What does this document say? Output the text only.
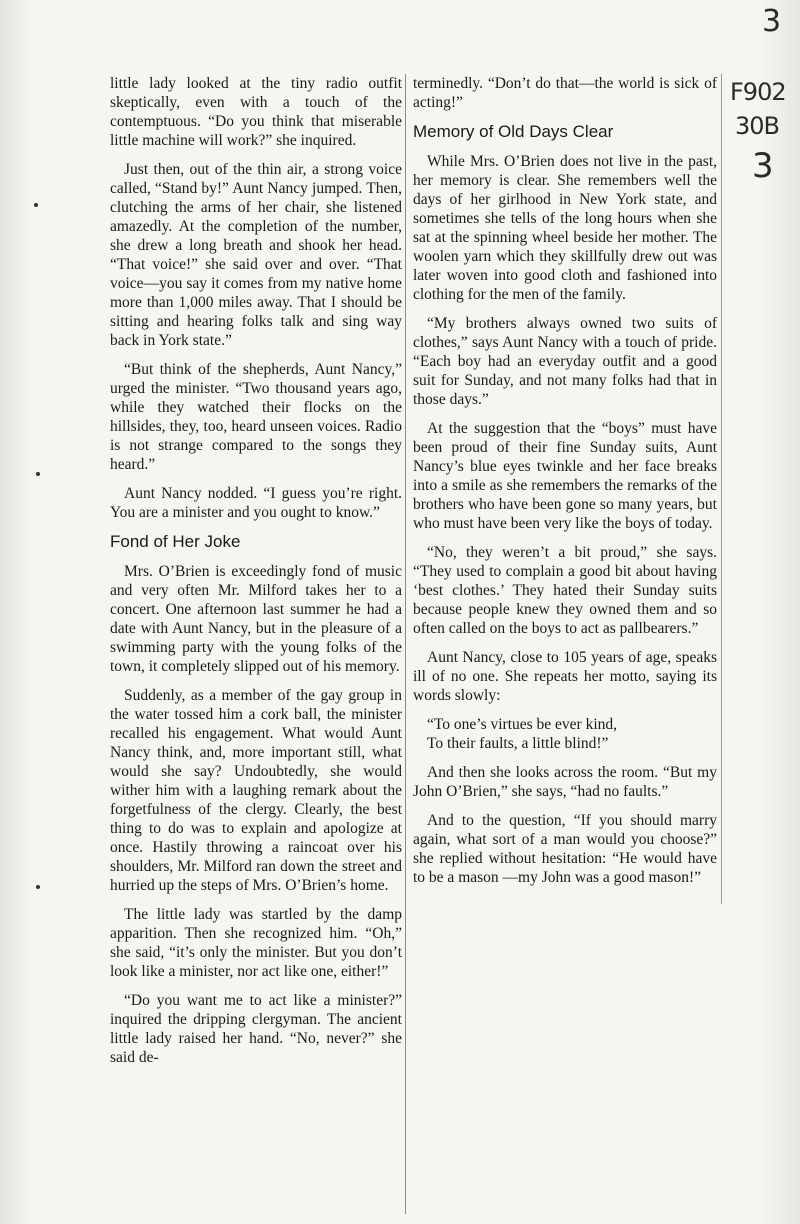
3
F902
30B
3

little lady looked at the tiny radio outfit skeptically, even with a touch of the contemptuous. “Do you think that miserable little machine will work?” she inquired.

Just then, out of the thin air, a strong voice called, “Stand by!” Aunt Nancy jumped. Then, clutching the arms of her chair, she listened amazedly. At the completion of the number, she drew a long breath and shook her head. “That voice!” she said over and over. “That voice—you say it comes from my native home more than 1,000 miles away. That I should be sitting and hearing folks talk and sing way back in York state.”

“But think of the shepherds, Aunt Nancy,” urged the minister. “Two thousand years ago, while they watched their flocks on the hillsides, they, too, heard unseen voices. Radio is not strange compared to the songs they heard.”

Aunt Nancy nodded. “I guess you’re right. You are a minister and you ought to know.”

Fond of Her Joke

Mrs. O’Brien is exceedingly fond of music and very often Mr. Milford takes her to a concert. One afternoon last summer he had a date with Aunt Nancy, but in the pleasure of a swimming party with the young folks of the town, it completely slipped out of his memory.

Suddenly, as a member of the gay group in the water tossed him a cork ball, the minister recalled his engagement. What would Aunt Nancy think, and, more important still, what would she say? Undoubtedly, she would wither him with a laughing remark about the forgetfulness of the clergy. Clearly, the best thing to do was to explain and apologize at once. Hastily throwing a raincoat over his shoulders, Mr. Milford ran down the street and hurried up the steps of Mrs. O’Brien’s home.

The little lady was startled by the damp apparition. Then she recognized him. “Oh,” she said, “it’s only the minister. But you don’t look like a minister, nor act like one, either!”

“Do you want me to act like a minister?” inquired the dripping clergyman. The ancient little lady raised her hand. “No, never?” she said de-

terminedly. “Don’t do that—the world is sick of acting!”

Memory of Old Days Clear

While Mrs. O’Brien does not live in the past, her memory is clear. She remembers well the days of her girlhood in New York state, and sometimes she tells of the long hours when she sat at the spinning wheel beside her mother. The woolen yarn which they skillfully drew out was later woven into good cloth and fashioned into clothing for the men of the family.

“My brothers always owned two suits of clothes,” says Aunt Nancy with a touch of pride. “Each boy had an everyday outfit and a good suit for Sunday, and not many folks had that in those days.”

At the suggestion that the “boys” must have been proud of their fine Sunday suits, Aunt Nancy’s blue eyes twinkle and her face breaks into a smile as she remembers the remarks of the brothers who have been gone so many years, but who must have been very like the boys of today.

“No, they weren’t a bit proud,” she says. “They used to complain a good bit about having ‘best clothes.’ They hated their Sunday suits because people knew they owned them and so often called on the boys to act as pallbearers.”

Aunt Nancy, close to 105 years of age, speaks ill of no one. She repeats her motto, saying its words slowly:

“To one’s virtues be ever kind,

To their faults, a little blind!”

And then she looks across the room. “But my John O’Brien,” she says, “had no faults.”

And to the question, “If you should marry again, what sort of a man would you choose?” she replied without hesitation: “He would have to be a mason —my John was a good mason!”
